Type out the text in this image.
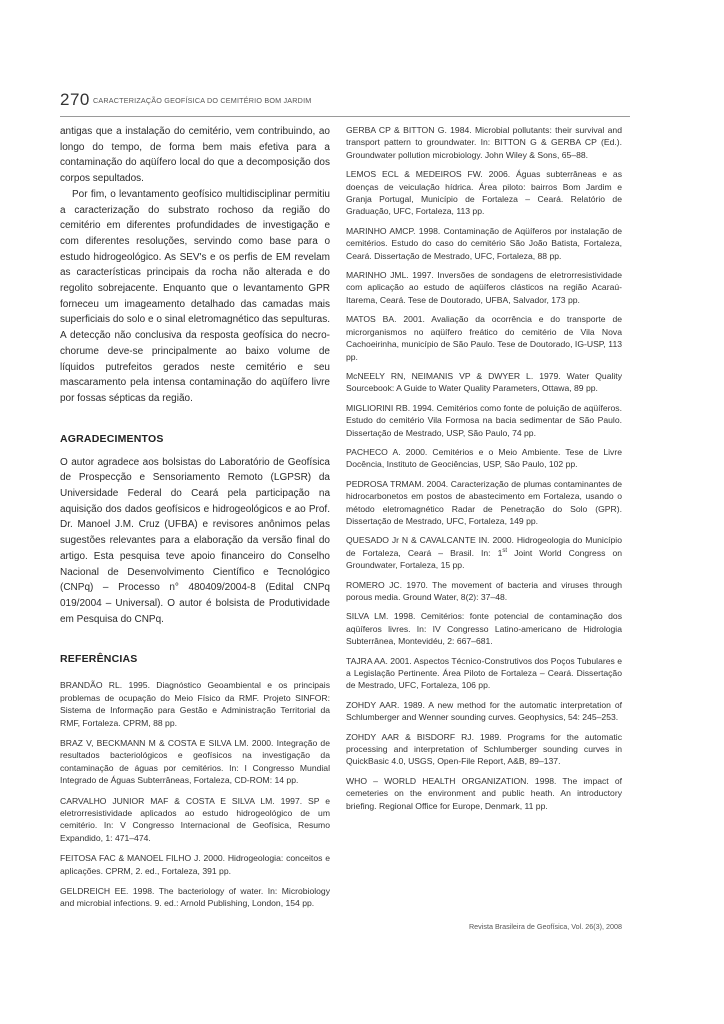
270 CARACTERIZAÇÃO GEOFÍSICA DO CEMITÉRIO BOM JARDIM

antigas que a instalação do cemitério, vem contribuindo, ao longo do tempo, de forma bem mais efetiva para a contaminação do aqüífero local do que a decomposição dos corpos sepultados.

Por fim, o levantamento geofísico multidisciplinar permitiu a caracterização do substrato rochoso da região do cemitério em diferentes profundidades de investigação e com diferentes resoluções, servindo como base para o estudo hidrogeológico. As SEV's e os perfis de EM revelam as características principais da rocha não alterada e do regolito sobrejacente. Enquanto que o levantamento GPR forneceu um imageamento detalhado das camadas mais superficiais do solo e o sinal eletromagnético das sepulturas. A detecção não conclusiva da resposta geofísica do necro-chorume deve-se principalmente ao baixo volume de líquidos putrefeitos gerados neste cemitério e seu mascaramento pela intensa contaminação do aqüífero livre por fossas sépticas da região.

AGRADECIMENTOS

O autor agradece aos bolsistas do Laboratório de Geofísica de Prospecção e Sensoriamento Remoto (LGPSR) da Universidade Federal do Ceará pela participação na aquisição dos dados geofísicos e hidrogeológicos e ao Prof. Dr. Manoel J.M. Cruz (UFBA) e revisores anônimos pelas sugestões relevantes para a elaboração da versão final do artigo. Esta pesquisa teve apoio financeiro do Conselho Nacional de Desenvolvimento Científico e Tecnológico (CNPq) – Processo n° 480409/2004-8 (Edital CNPq 019/2004 – Universal). O autor é bolsista de Produtividade em Pesquisa do CNPq.

REFERÊNCIAS

BRANDÃO RL. 1995. Diagnóstico Geoambiental e os principais problemas de ocupação do Meio Físico da RMF. Projeto SINFOR: Sistema de Informação para Gestão e Administração Territorial da RMF, Fortaleza. CPRM, 88 pp.

BRAZ V, BECKMANN M & COSTA E SILVA LM. 2000. Integração de resultados bacteriológicos e geofísicos na investigação da contaminação de águas por cemitérios. In: I Congresso Mundial Integrado de Águas Subterrâneas, Fortaleza, CD-ROM: 14 pp.

CARVALHO JUNIOR MAF & COSTA E SILVA LM. 1997. SP e eletrorresistividade aplicados ao estudo hidrogeológico de um cemitério. In: V Congresso Internacional de Geofísica, Resumo Expandido, 1: 471–474.

FEITOSA FAC & MANOEL FILHO J. 2000. Hidrogeologia: conceitos e aplicações. CPRM, 2. ed., Fortaleza, 391 pp.

GELDREICH EE. 1998. The bacteriology of water. In: Microbiology and microbial infections. 9. ed.: Arnold Publishing, London, 154 pp.

GERBA CP & BITTON G. 1984. Microbial pollutants: their survival and transport pattern to groundwater. In: BITTON G & GERBA CP (Ed.). Groundwater pollution microbiology. John Wiley & Sons, 65–88.

LEMOS ECL & MEDEIROS FW. 2006. Águas subterrâneas e as doenças de veiculação hídrica. Área piloto: bairros Bom Jardim e Granja Portugal, Município de Fortaleza – Ceará. Relatório de Graduação, UFC, Fortaleza, 113 pp.

MARINHO AMCP. 1998. Contaminação de Aqüíferos por instalação de cemitérios. Estudo do caso do cemitério São João Batista, Fortaleza, Ceará. Dissertação de Mestrado, UFC, Fortaleza, 88 pp.

MARINHO JML. 1997. Inversões de sondagens de eletrorresistividade com aplicação ao estudo de aqüíferos clásticos na região Acaraú-Itarema, Ceará. Tese de Doutorado, UFBA, Salvador, 173 pp.

MATOS BA. 2001. Avaliação da ocorrência e do transporte de microrganismos no aqüífero freático do cemitério de Vila Nova Cachoeirinha, município de São Paulo. Tese de Doutorado, IG-USP, 113 pp.

McNEELY RN, NEIMANIS VP & DWYER L. 1979. Water Quality Sourcebook: A Guide to Water Quality Parameters, Ottawa, 89 pp.

MIGLIORINI RB. 1994. Cemitérios como fonte de poluição de aqüíferos. Estudo do cemitério Vila Formosa na bacia sedimentar de São Paulo. Dissertação de Mestrado, USP, São Paulo, 74 pp.

PACHECO A. 2000. Cemitérios e o Meio Ambiente. Tese de Livre Docência, Instituto de Geociências, USP, São Paulo, 102 pp.

PEDROSA TRMAM. 2004. Caracterização de plumas contaminantes de hidrocarbonetos em postos de abastecimento em Fortaleza, usando o método eletromagnético Radar de Penetração do Solo (GPR). Dissertação de Mestrado, UFC, Fortaleza, 149 pp.

QUESADO Jr N & CAVALCANTE IN. 2000. Hidrogeologia do Município de Fortaleza, Ceará – Brasil. In: 1st Joint World Congress on Groundwater, Fortaleza, 15 pp.

ROMERO JC. 1970. The movement of bacteria and viruses through porous media. Ground Water, 8(2): 37–48.

SILVA LM. 1998. Cemitérios: fonte potencial de contaminação dos aqüíferos livres. In: IV Congresso Latino-americano de Hidrologia Subterrânea, Montevidéu, 2: 667–681.

TAJRA AA. 2001. Aspectos Técnico-Construtivos dos Poços Tubulares e a Legislação Pertinente. Área Piloto de Fortaleza – Ceará. Dissertação de Mestrado, UFC, Fortaleza, 106 pp.

ZOHDY AAR. 1989. A new method for the automatic interpretation of Schlumberger and Wenner sounding curves. Geophysics, 54: 245–253.

ZOHDY AAR & BISDORF RJ. 1989. Programs for the automatic processing and interpretation of Schlumberger sounding curves in QuickBasic 4.0, USGS, Open-File Report, A&B, 89–137.

WHO – WORLD HEALTH ORGANIZATION. 1998. The impact of cemeteries on the environment and public heath. An introductory briefing. Regional Office for Europe, Denmark, 11 pp.

Revista Brasileira de Geofísica, Vol. 26(3), 2008
